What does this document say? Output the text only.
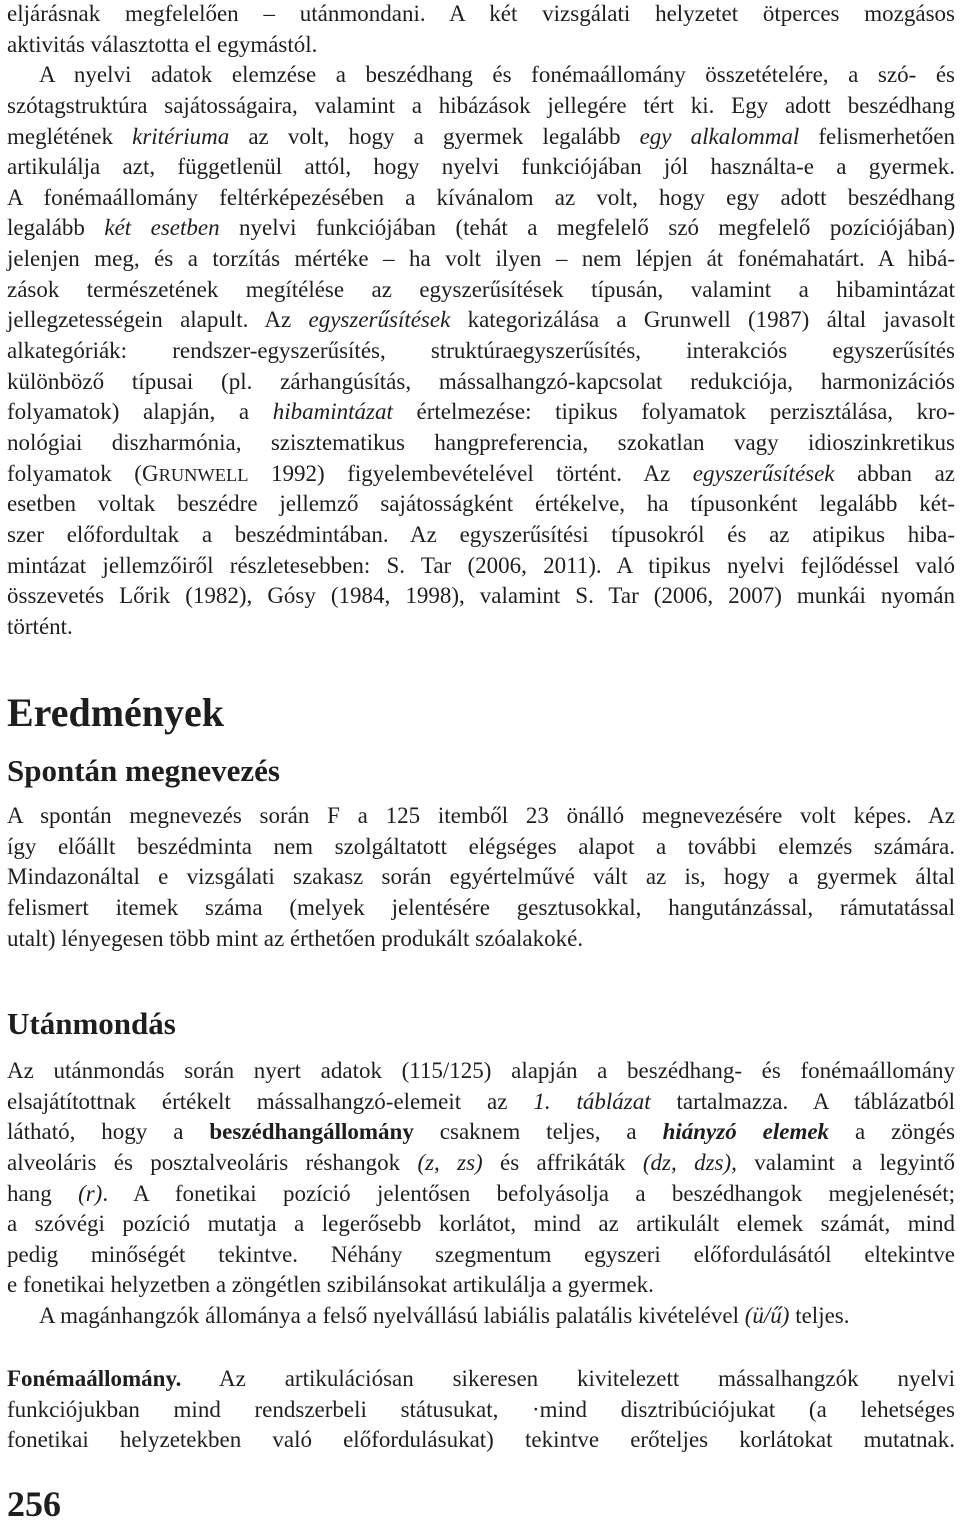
eljárásnak megfelelően – utánmondani. A két vizsgálati helyzetet ötperces mozgásos
aktivitás választotta el egymástól.

A nyelvi adatok elemzése a beszédhang és fonémaállomány összetételére, a szó- és
szótagstruktúra sajátosságaira, valamint a hibázások jellegére tért ki. Egy adott beszédhang
meglétének kritériuma az volt, hogy a gyermek legalább egy alkalommal felismerhetően
artikulálja azt, függetlenül attól, hogy nyelvi funkciójában jól használta-e a gyermek.
A fonémaállomány feltérképezésében a kívánalom az volt, hogy egy adott beszédhang
legalább két esetben nyelvi funkciójában (tehát a megfelelő szó megfelelő pozíciójában)
jelenjen meg, és a torzítás mértéke – ha volt ilyen – nem lépjen át fonémahatárt. A hibá-
zások természetének megítélése az egyszerűsítések típusán, valamint a hibamintázat
jellegzetességein alapult. Az egyszerűsítések kategorizálása a Grunwell (1987) által javasolt
alkategóriák: rendszer-egyszerűsítés, struktúraegyszerűsítés, interakciós egyszerűsítés
különböző típusai (pl. zárhangúsítás, mássalhangzó-kapcsolat redukciója, harmonizációs
folyamatok) alapján, a hibamintázat értelmezése: tipikus folyamatok perzisztálása, kro-
nológiai diszharmónia, szisztematikus hangpreferencia, szokatlan vagy idioszinkretikus
folyamatok (GRUNWELL 1992) figyelembevételével történt. Az egyszerűsítések abban az
esetben voltak beszédre jellemző sajátosságként értékelve, ha típusonként legalább két-
szer előfordultak a beszédmintában. Az egyszerűsítési típusokról és az atipikus hiba-
mintázat jellemzőiről részletesebben: S. Tar (2006, 2011). A tipikus nyelvi fejlődéssel való
összevetés Lőrik (1982), Gósy (1984, 1998), valamint S. Tar (2006, 2007) munkái nyomán
történt.

Eredmények
Spontán megnevezés

A spontán megnevezés során F a 125 itemből 23 önálló megnevezésére volt képes. Az
így előállt beszédminta nem szolgáltatott elégséges alapot a további elemzés számára.
Mindazonáltal e vizsgálati szakasz során egyértelművé vált az is, hogy a gyermek által
felismert itemek száma (melyek jelentésére gesztusokkal, hangutánzással, rámutatással
utalt) lényegesen több mint az érthetően produkált szóalakoké.

Utánmondás

Az utánmondás során nyert adatok (115/125) alapján a beszédhang- és fonémaállomány
elsajátítottnak értékelt mássalhangzó-elemeit az 1. táblázat tartalmazza. A táblázatból
látható, hogy a beszédhangállomány csaknem teljes, a hiányzó elemek a zöngés
alveoláris és posztalveoláris réshangok (z, zs) és affrikáták (dz, dzs), valamint a legyintő
hang (r). A fonetikai pozíció jelentősen befolyásolja a beszédhangok megjelenését;
a szóvégi pozíció mutatja a legerősebb korlátot, mind az artikulált elemek számát, mind
pedig minőségét tekintve. Néhány szegmentum egyszeri előfordulásától eltekintve
e fonetikai helyzetben a zöngétlen szibilánsokat artikulálja a gyermek.

A magánhangzók állománya a felső nyelvállású labiális palatális kivételével (ü/ű) teljes.

Fonémaállomány. Az artikulációsan sikeresen kivitelezett mássalhangzók nyelvi
funkciójukban mind rendszerbeli státusukat, ·mind disztribúciójukat (a lehetséges
fonetikai helyzetekben való előfordulásukat) tekintve erőteljes korlátokat mutatnak.

256
